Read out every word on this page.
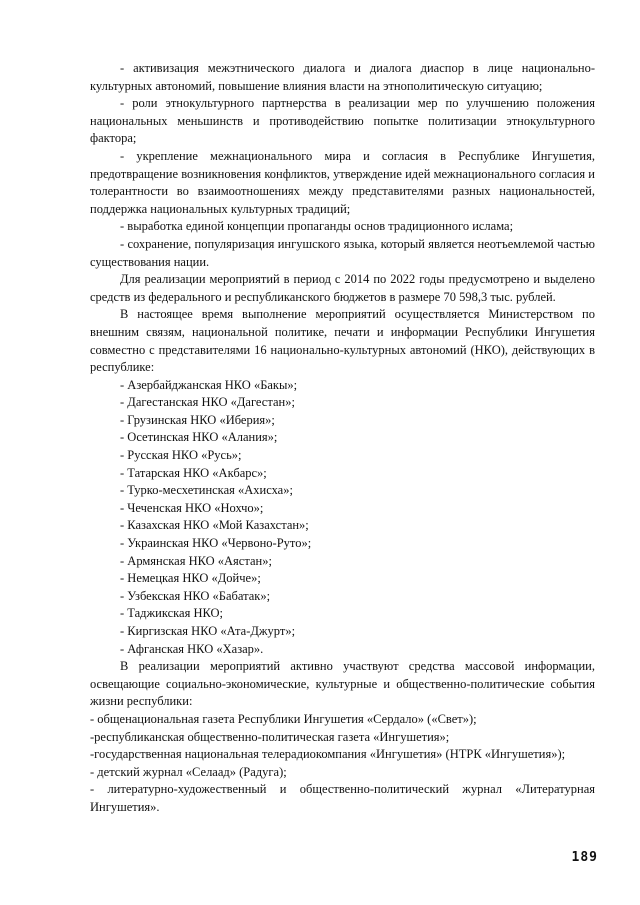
- активизация межэтнического диалога и диалога диаспор в лице национально-культурных автономий, повышение влияния власти на этнополитическую ситуацию;

- роли этнокультурного партнерства в реализации мер по улучшению положения национальных меньшинств и противодействию попытке политизации этнокультурного фактора;

- укрепление межнационального мира и согласия в Республике Ингушетия, предотвращение возникновения конфликтов, утверждение идей межнационального согласия и толерантности во взаимоотношениях между представителями разных национальностей, поддержка национальных культурных традиций;

- выработка единой концепции пропаганды основ традиционного ислама;

- сохранение, популяризация ингушского языка, который является неотъемлемой частью существования нации.

Для реализации мероприятий в период с 2014 по 2022 годы предусмотрено и выделено средств из федерального и республиканского бюджетов в размере 70 598,3 тыс. рублей.

В настоящее время выполнение мероприятий осуществляется Министерством по внешним связям, национальной политике, печати и информации Республики Ингушетия совместно с представителями 16 национально-культурных автономий (НКО), действующих в республике:

- Азербайджанская НКО «Бакы»;
- Дагестанская НКО «Дагестан»;
- Грузинская НКО «Иберия»;
- Осетинская НКО «Алания»;
- Русская НКО «Русь»;
- Татарская НКО «Акбарс»;
- Турко-месхетинская «Ахисха»;
- Чеченская НКО «Нохчо»;
- Казахская НКО «Мой Казахстан»;
- Украинская НКО «Червоно-Руто»;
- Армянская НКО «Аястан»;
- Немецкая НКО «Дойче»;
- Узбекская НКО «Бабатак»;
- Таджикская НКО;
- Киргизская НКО «Ата-Джурт»;
- Афганская НКО «Хазар».

В реализации мероприятий активно участвуют средства массовой информации, освещающие социально-экономические, культурные и общественно-политические события жизни республики:

- общенациональная газета Республики Ингушетия «Сердало» («Свет»);
-республиканская общественно-политическая газета «Ингушетия»;
-государственная национальная телерадиокомпания «Ингушетия» (НТРК «Ингушетия»);
- детский журнал «Селаад» (Радуга);
- литературно-художественный и общественно-политический журнал «Литературная Ингушетия».
189
